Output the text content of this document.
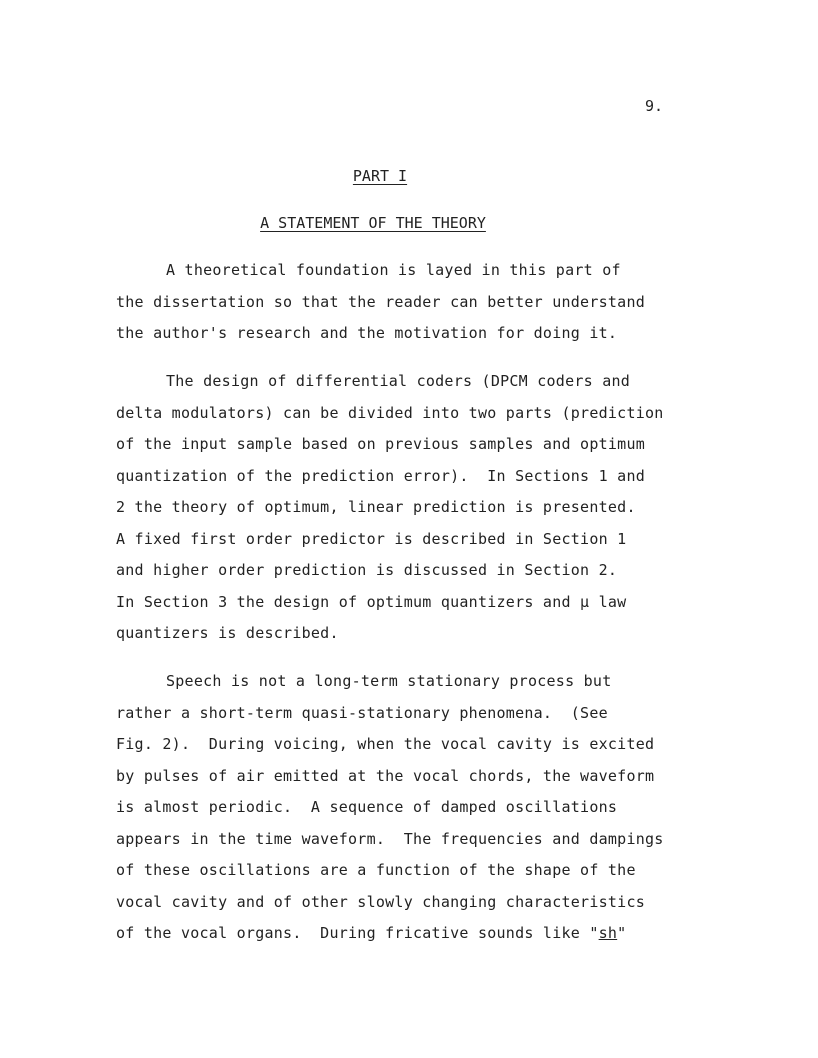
9.
PART I
A STATEMENT OF THE THEORY
A theoretical foundation is layed in this part of
the dissertation so that the reader can better understand
the author's research and the motivation for doing it.
The design of differential coders (DPCM coders and
delta modulators) can be divided into two parts (prediction
of the input sample based on previous samples and optimum
quantization of the prediction error).  In Sections 1 and
2 the theory of optimum, linear prediction is presented.
A fixed first order predictor is described in Section 1
and higher order prediction is discussed in Section 2.
In Section 3 the design of optimum quantizers and μ law
quantizers is described.
Speech is not a long-term stationary process but
rather a short-term quasi-stationary phenomena.  (See
Fig. 2).  During voicing, when the vocal cavity is excited
by pulses of air emitted at the vocal chords, the waveform
is almost periodic.  A sequence of damped oscillations
appears in the time waveform.  The frequencies and dampings
of these oscillations are a function of the shape of the
vocal cavity and of other slowly changing characteristics
of the vocal organs.  During fricative sounds like "sh"
